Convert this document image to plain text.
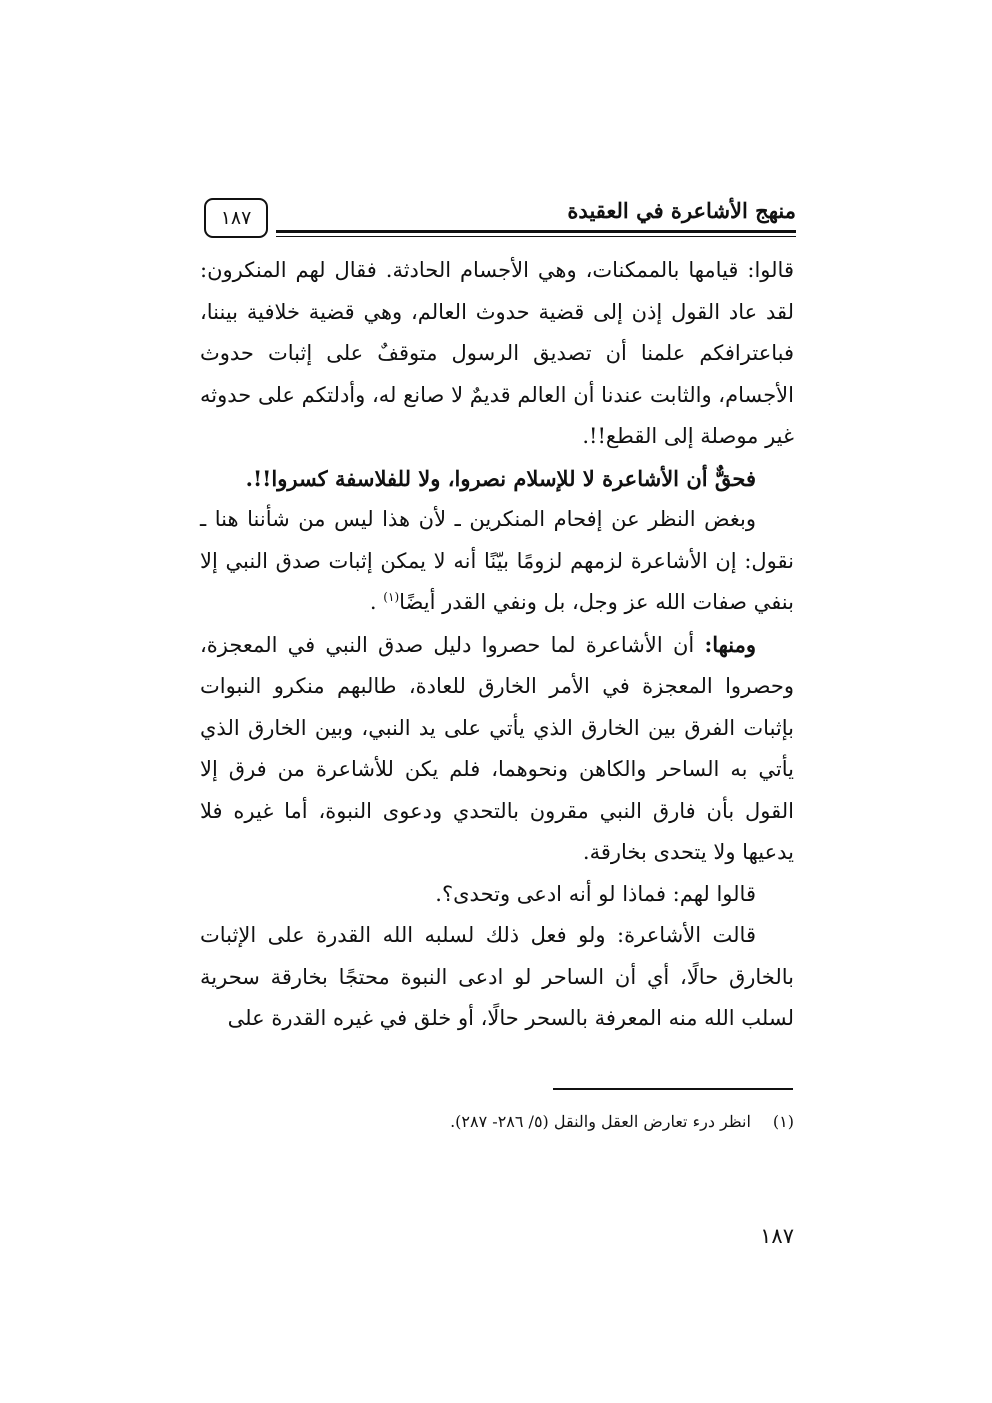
منهج الأشاعرة في العقيدة
١٨٧

قالوا: قيامها بالممكنات، وهي الأجسام الحادثة. فقال لهم المنكرون: لقد عاد القول إذن إلى قضية حدوث العالم، وهي قضية خلافية بيننا، فباعترافكم علمنا أن تصديق الرسول متوقفٌ على إثبات حدوث الأجسام، والثابت عندنا أن العالم قديمٌ لا صانع له، وأدلتكم على حدوثه غير موصلة إلى القطع!!.

فحقٌّ أن الأشاعرة لا للإسلام نصروا، ولا للفلاسفة كسروا!!.

وبغض النظر عن إفحام المنكرين ـ لأن هذا ليس من شأننا هنا ـ نقول: إن الأشاعرة لزمهم لزومًا بيّنًا أنه لا يمكن إثبات صدق النبي إلا بنفي صفات الله عز وجل، بل ونفي القدر أيضًا$^{(١)}$ .

ومنها: أن الأشاعرة لما حصروا دليل صدق النبي في المعجزة، وحصروا المعجزة في الأمر الخارق للعادة، طالبهم منكرو النبوات بإثبات الفرق بين الخارق الذي يأتي على يد النبي، وبين الخارق الذي يأتي به الساحر والكاهن ونحوهما، فلم يكن للأشاعرة من فرق إلا القول بأن فارق النبي مقرون بالتحدي ودعوى النبوة، أما غيره فلا يدعيها ولا يتحدى بخارقة.

قالوا لهم: فماذا لو أنه ادعى وتحدى؟.

قالت الأشاعرة: ولو فعل ذلك لسلبه الله القدرة على الإثبات بالخارق حالًا، أي أن الساحر لو ادعى النبوة محتجًا بخارقة سحرية لسلب الله منه المعرفة بالسحر حالًا، أو خلق في غيره القدرة على

(١)انظر درء تعارض العقل والنقل (٥/ ٢٨٦- ٢٨٧).
١٨٧
